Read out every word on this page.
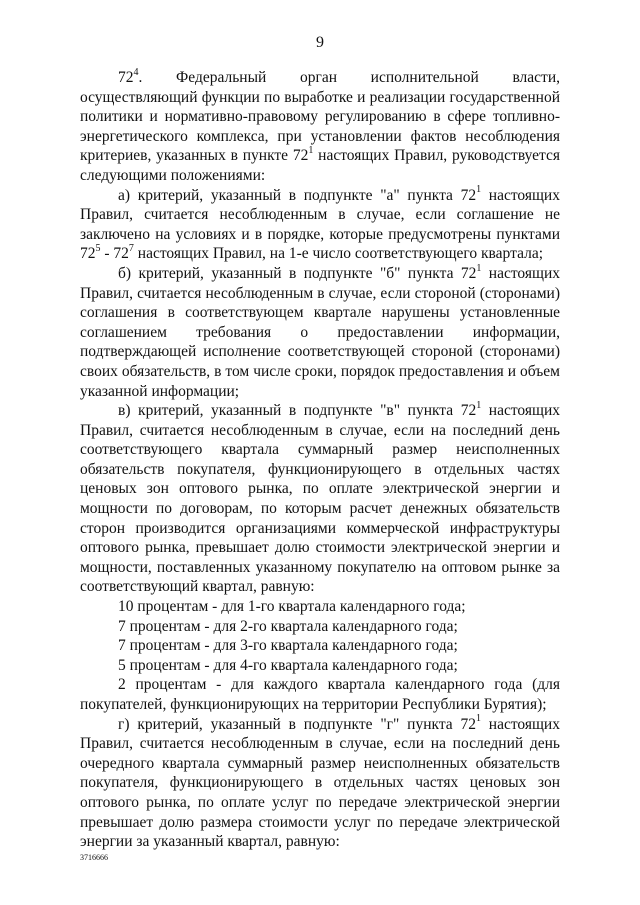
9

$72^4$. Федеральный орган исполнительной власти, осуществляющий функции по выработке и реализации государственной политики и нормативно-правовому регулированию в сфере топливно-энергетического комплекса, при установлении фактов несоблюдения критериев, указанных в пункте $72^1$ настоящих Правил, руководствуется следующими положениями:

а) критерий, указанный в подпункте "а" пункта $72^1$ настоящих Правил, считается несоблюденным в случае, если соглашение не заключено на условиях и в порядке, которые предусмотрены пунктами $72^5 - 72^7$ настоящих Правил, на 1-е число соответствующего квартала;

б) критерий, указанный в подпункте "б" пункта $72^1$ настоящих Правил, считается несоблюденным в случае, если стороной (сторонами) соглашения в соответствующем квартале нарушены установленные соглашением требования о предоставлении информации, подтверждающей исполнение соответствующей стороной (сторонами) своих обязательств, в том числе сроки, порядок предоставления и объем указанной информации;

в) критерий, указанный в подпункте "в" пункта $72^1$ настоящих Правил, считается несоблюденным в случае, если на последний день соответствующего квартала суммарный размер неисполненных обязательств покупателя, функционирующего в отдельных частях ценовых зон оптового рынка, по оплате электрической энергии и мощности по договорам, по которым расчет денежных обязательств сторон производится организациями коммерческой инфраструктуры оптового рынка, превышает долю стоимости электрической энергии и мощности, поставленных указанному покупателю на оптовом рынке за соответствующий квартал, равную:

10 процентам - для 1-го квартала календарного года;

7 процентам - для 2-го квартала календарного года;

7 процентам - для 3-го квартала календарного года;

5 процентам - для 4-го квартала календарного года;

2 процентам - для каждого квартала календарного года (для покупателей, функционирующих на территории Республики Бурятия);

г) критерий, указанный в подпункте "г" пункта $72^1$ настоящих Правил, считается несоблюденным в случае, если на последний день очередного квартала суммарный размер неисполненных обязательств покупателя, функционирующего в отдельных частях ценовых зон оптового рынка, по оплате услуг по передаче электрической энергии превышает долю размера стоимости услуг по передаче электрической энергии за указанный квартал, равную:

3716666
